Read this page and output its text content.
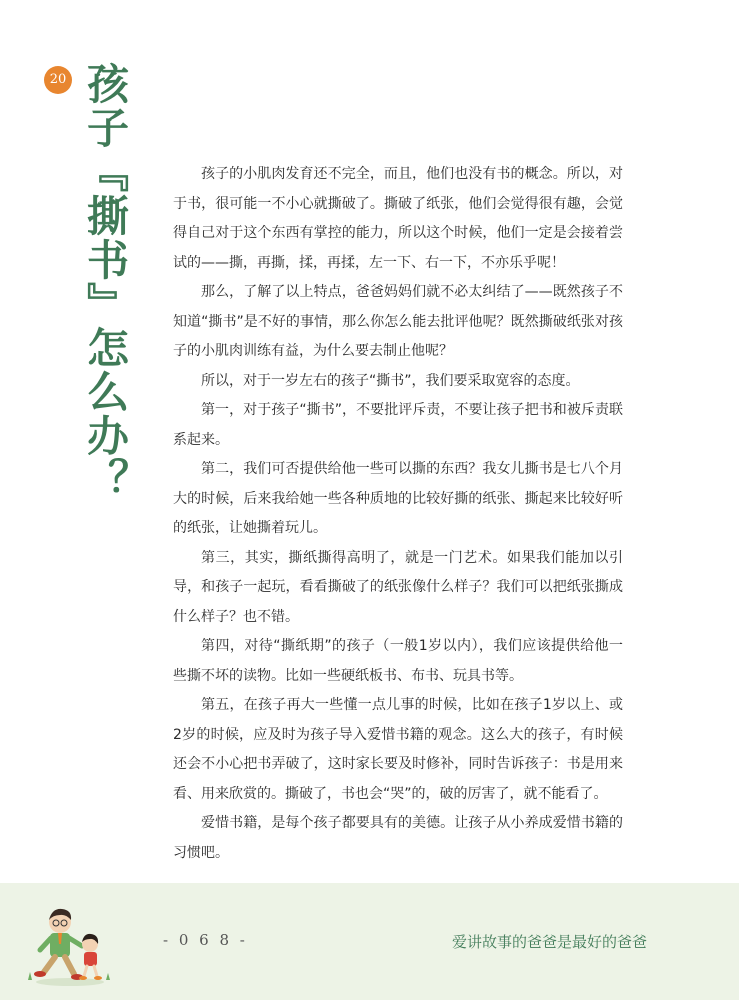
20 孩子『撕书』怎么办？	孩子的小肌肉发育还不完全，而且，他们也没有书的概念。所以，对于书，很可能一不小心就撕破了。撕破了纸张，他们会觉得很有趣，会觉得自己对于这个东西有掌控的能力，所以这个时候，他们一定是会接着尝试的——撕，再撕，揉，再揉，左一下、右一下，不亦乐乎呢！

那么，了解了以上特点，爸爸妈妈们就不必太纠结了——既然孩子不知道“撕书”是不好的事情，那么你怎么能去批评他呢？既然撕破纸张对孩子的小肌肉训练有益，为什么要去制止他呢？

所以，对于一岁左右的孩子“撕书”，我们要采取宽容的态度。

第一，对于孩子“撕书”，不要批评斥责，不要让孩子把书和被斥责联系起来。

第二，我们可否提供给他一些可以撕的东西？我女儿撕书是七八个月大的时候，后来我给她一些各种质地的比较好撕的纸张、撕起来比较好听的纸张，让她撕着玩儿。

第三，其实，撕纸撕得高明了，就是一门艺术。如果我们能加以引导，和孩子一起玩，看看撕破了的纸张像什么样子？我们可以把纸张撕成什么样子？也不错。

第四，对待“撕纸期”的孩子（一般1岁以内），我们应该提供给他一些撕不坏的读物。比如一些硬纸板书、布书、玩具书等。

第五，在孩子再大一些懂一点儿事的时候，比如在孩子1岁以上、或2岁的时候，应及时为孩子导入爱惜书籍的观念。这么大的孩子，有时候还会不小心把书弄破了，这时家长要及时修补，同时告诉孩子：书是用来看、用来欣赏的。撕破了，书也会“哭”的，破的厉害了，就不能看了。

爱惜书籍，是每个孩子都要具有的美德。让孩子从小养成爱惜书籍的习惯吧。

- 0 6 8 -	爱讲故事的爸爸是最好的爸爸
